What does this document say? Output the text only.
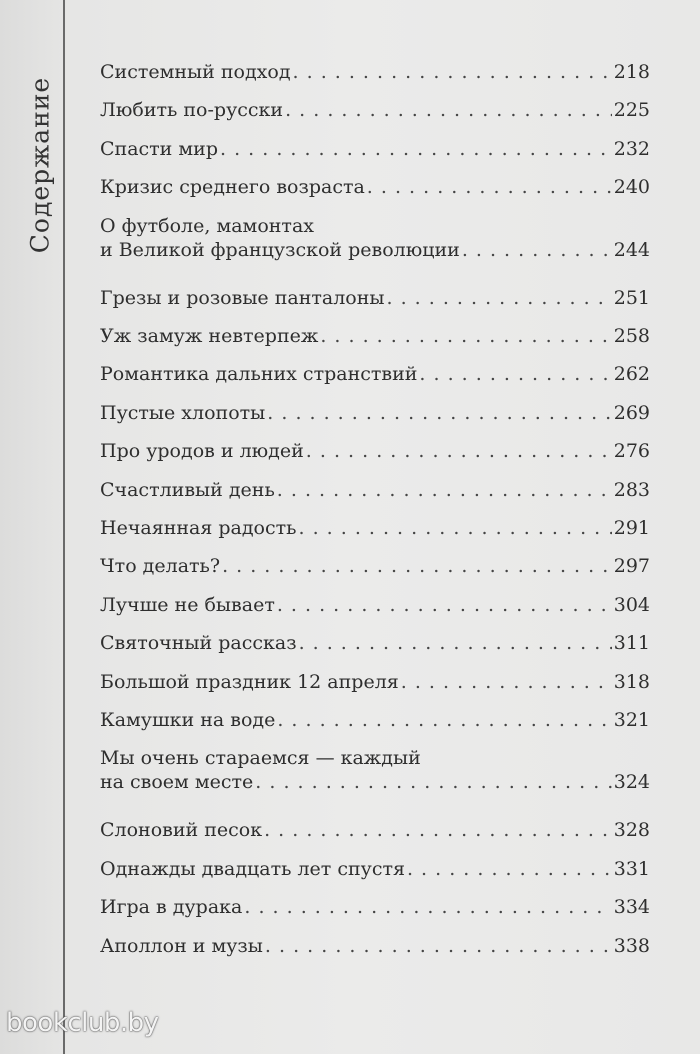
Содержание
Системный подход . . .	218
Любить по-русски . . .	225
Спасти мир . . .	232
Кризис среднего возраста . . .	240
О футболе, мамонтах
и Великой французской революции . . .	244
Грезы и розовые панталоны . . .	251
Уж замуж невтерпеж . . .	258
Романтика дальних странствий . . .	262
Пустые хлопоты . . .	269
Про уродов и людей . . .	276
Счастливый день . . .	283
Нечаянная радость . . .	291
Что делать? . . .	297
Лучше не бывает . . .	304
Святочный рассказ . . .	311
Большой праздник 12 апреля . . .	318
Камушки на воде . . .	321
Мы очень стараемся — каждый
на своем месте . . .	324
Слоновий песок . . .	328
Однажды двадцать лет спустя . . .	331
Игра в дурака . . .	334
Аполлон и музы . . .	338
bookclub.by
